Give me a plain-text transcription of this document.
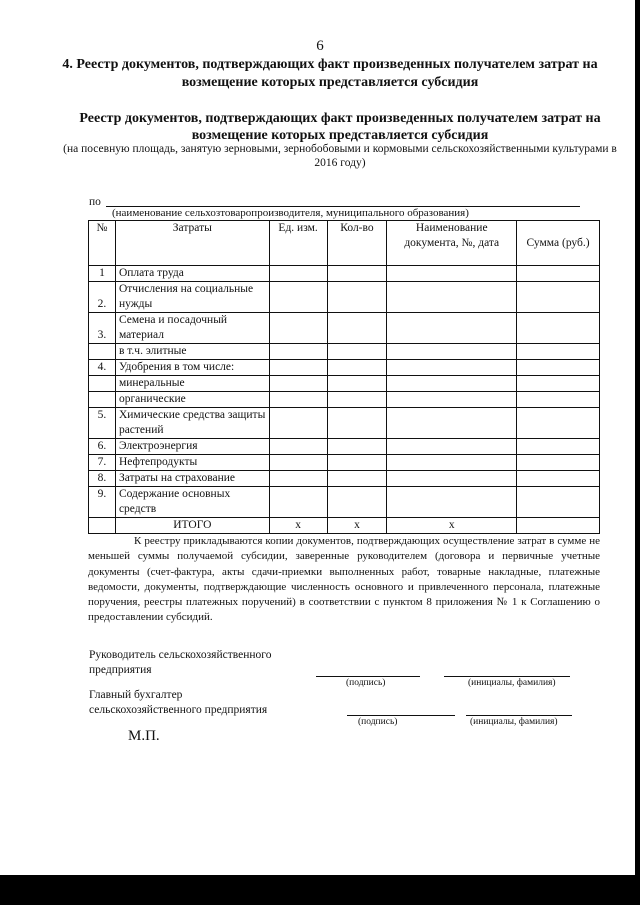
6
4. Реестр документов, подтверждающих факт произведенных получателем затрат на возмещение которых представляется субсидия
Реестр документов, подтверждающих факт произведенных получателем затрат на возмещение которых представляется субсидия
(на посевную площадь, занятую зерновыми, зернобобовыми и кормовыми сельскохозяйственными культурами в 2016 году)
по
(наименование сельхозтоваропроизводителя, муниципального образования)
№	Затраты	Ед. изм.	Кол-во	Наименование документа, №, дата	Сумма (руб.)
1	Оплата труда				
2.	Отчисления на социальные нужды				
3.	Семена и посадочный материал				
	в т.ч. элитные				
4.	Удобрения в том числе:				
	минеральные				
	органические				
5.	Химические средства защиты растений				
6.	Электроэнергия				
7.	Нефтепродукты				
8.	Затраты на страхование				
9.	Содержание основных средств				
	ИТОГО	x	x	x	
К реестру прикладываются копии документов, подтверждающих осуществление затрат в сумме не меньшей суммы получаемой субсидии, заверенные руководителем (договора и первичные учетные документы (счет-фактура, акты сдачи-приемки выполненных работ, товарные накладные, платежные ведомости, документы, подтверждающие численность основного и привлеченного персонала, платежные поручения, реестры платежных поручений) в соответствии с пунктом 8 приложения № 1 к Соглашению о предоставлении субсидий.
Руководитель сельскохозяйственного
предприятия
(подпись)	(инициалы, фамилия)
Главный бухгалтер
сельскохозяйственного предприятия
(подпись)	(инициалы, фамилия)
М.П.
